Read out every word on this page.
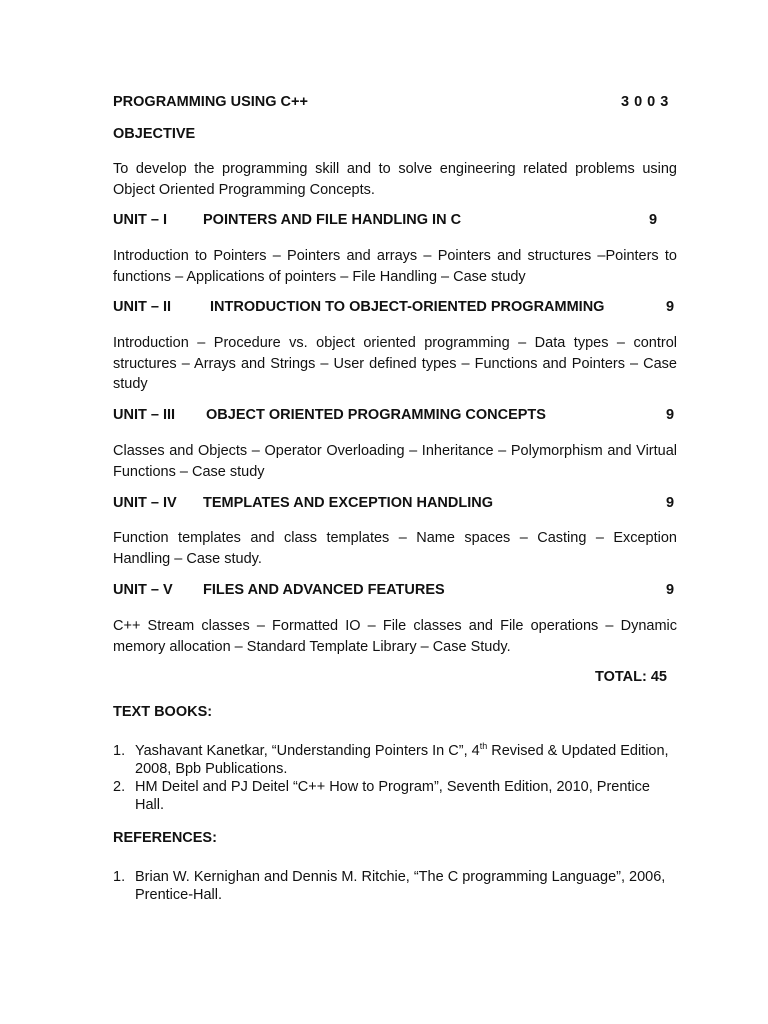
PROGRAMMING USING C++	3 0 0 3
OBJECTIVE
To develop the programming skill and to solve engineering related problems using Object Oriented Programming Concepts.
UNIT – I	POINTERS AND FILE HANDLING IN C	9
Introduction to Pointers – Pointers and arrays – Pointers and structures –Pointers to functions – Applications of pointers – File Handling – Case study
UNIT – II	INTRODUCTION TO OBJECT-ORIENTED PROGRAMMING	9
Introduction – Procedure vs. object oriented programming – Data types – control structures – Arrays and Strings – User defined types – Functions and Pointers – Case study
UNIT – III	OBJECT ORIENTED PROGRAMMING CONCEPTS	9
Classes and Objects – Operator Overloading – Inheritance – Polymorphism and Virtual Functions – Case study
UNIT – IV	TEMPLATES AND EXCEPTION HANDLING	9
Function templates and class templates – Name spaces – Casting – Exception Handling – Case study.
UNIT – V	FILES AND ADVANCED FEATURES	9
C++ Stream classes – Formatted IO – File classes and File operations – Dynamic memory allocation – Standard Template Library – Case Study.
TOTAL: 45
TEXT BOOKS:
1. Yashavant Kanetkar, “Understanding Pointers In C”, 4th Revised & Updated Edition, 2008, Bpb Publications.
2. HM Deitel and PJ Deitel “C++ How to Program”, Seventh Edition, 2010, Prentice Hall.
REFERENCES:
1. Brian W. Kernighan and Dennis M. Ritchie, “The C programming Language”, 2006, Prentice-Hall.
